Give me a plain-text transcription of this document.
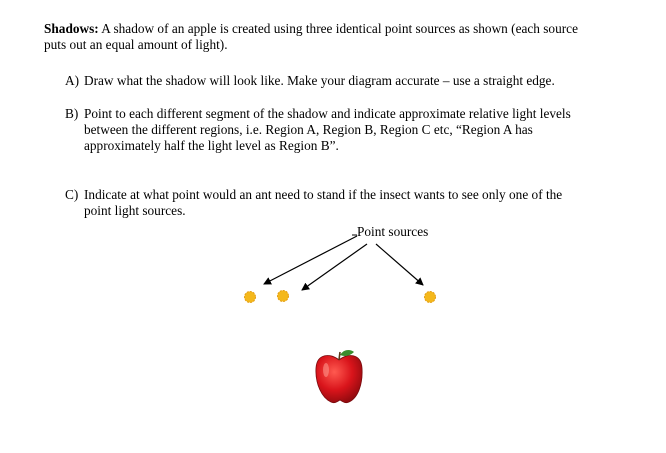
Shadows: A shadow of an apple is created using three identical point sources as shown (each source
puts out an equal amount of light).
A) Draw what the shadow will look like. Make your diagram accurate – use a straight edge.
B) Point to each different segment of the shadow and indicate approximate relative light levels
between the different regions, i.e. Region A, Region B, Region C etc, “Region A has
approximately half the light level as Region B”.
C) Indicate at what point would an ant need to stand if the insect wants to see only one of the
point light sources.
Point sources
